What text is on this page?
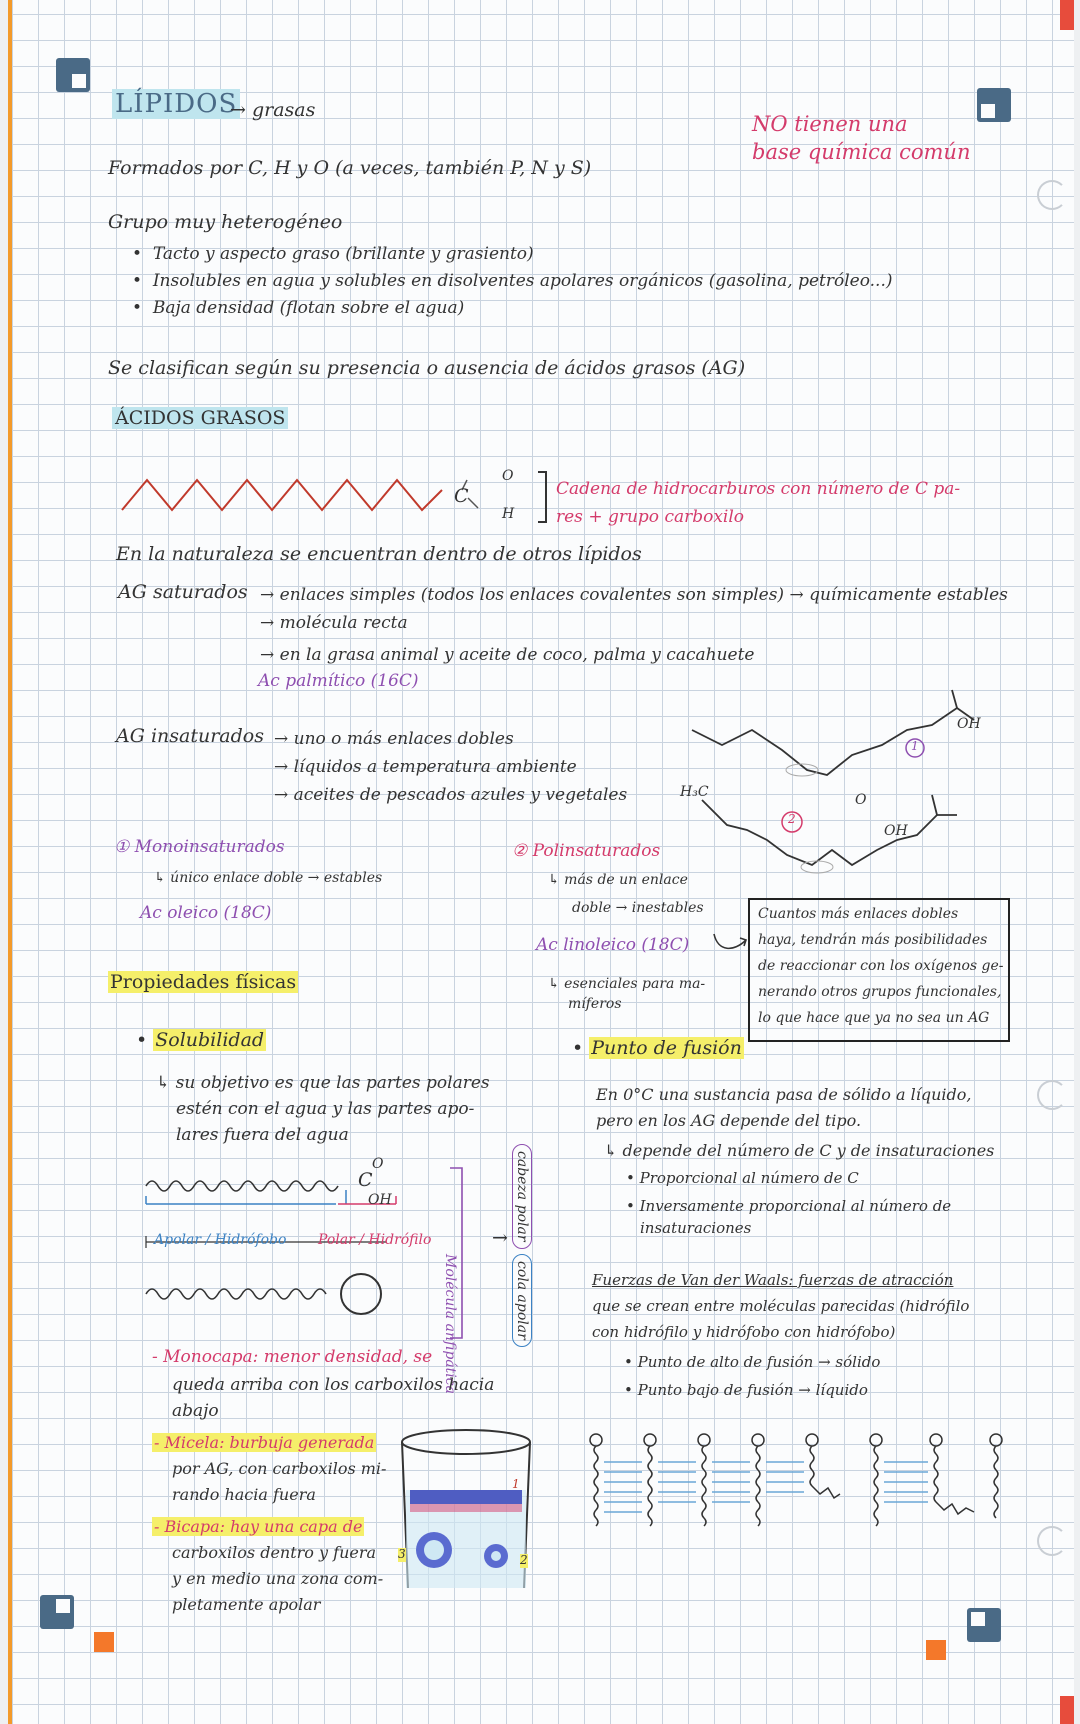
LÍPIDOS
→ grasas
NO tienen una
base química común
Formados por C, H y O (a veces, también P, N y S)
Grupo muy heterogéneo
•  Tacto y aspecto graso (brillante y grasiento)
•  Insolubles en agua y solubles en disolventes apolares orgánicos (gasolina, petróleo...)
•  Baja densidad (flotan sobre el agua)
Se clasifican según su presencia o ausencia de ácidos grasos (AG)
ÁCIDOS GRASOS
C
O
H
Cadena de hidrocarburos con número de C pa-
res + grupo carboxilo
En la naturaleza se encuentran dentro de otros lípidos
AG saturados → enlaces simples (todos los enlaces covalentes son simples) → químicamente estables
→ molécula recta
→ en la grasa animal y aceite de coco, palma y cacahuete
Ac palmítico (16C)
OH
1
H₃C
2
O
OH
AG insaturados → uno o más enlaces dobles
→ líquidos a temperatura ambiente
→ aceites de pescados azules y vegetales
① Monoinsaturados
↳ único enlace doble → estables
Ac oleico (18C)
② Polinsaturados
↳ más de un enlace
doble → inestables
Ac linoleico (18C)
↳ esenciales para ma-
míferos
Cuantos más enlaces dobles
haya, tendrán más posibilidades
de reaccionar con los oxígenos ge-
nerando otros grupos funcionales,
lo que hace que ya no sea un AG
Propiedades físicas
• Solubilidad
↳ su objetivo es que las partes polares
estén con el agua y las partes apo-
lares fuera del agua
C
O
OH
Apolar / Hidrófobo Polar / Hidrófilo
Molécula anfipática
→ cabeza polar
cola apolar
- Monocapa: menor densidad, se
queda arriba con los carboxilos hacia
abajo
- Micela: burbuja generada
por AG, con carboxilos mi-
rando hacia fuera
- Bicapa: hay una capa de
carboxilos dentro y fuera
y en medio una zona com-
pletamente apolar
1
2
3
• Punto de fusión
En 0°C una sustancia pasa de sólido a líquido,
pero en los AG depende del tipo.
↳ depende del número de C y de insaturaciones
• Proporcional al número de C
• Inversamente proporcional al número de
insaturaciones
Fuerzas de Van der Waals: fuerzas de atracción
que se crean entre moléculas parecidas (hidrófilo
con hidrófilo y hidrófobo con hidrófobo)
• Punto de alto de fusión → sólido
• Punto bajo de fusión → líquido
